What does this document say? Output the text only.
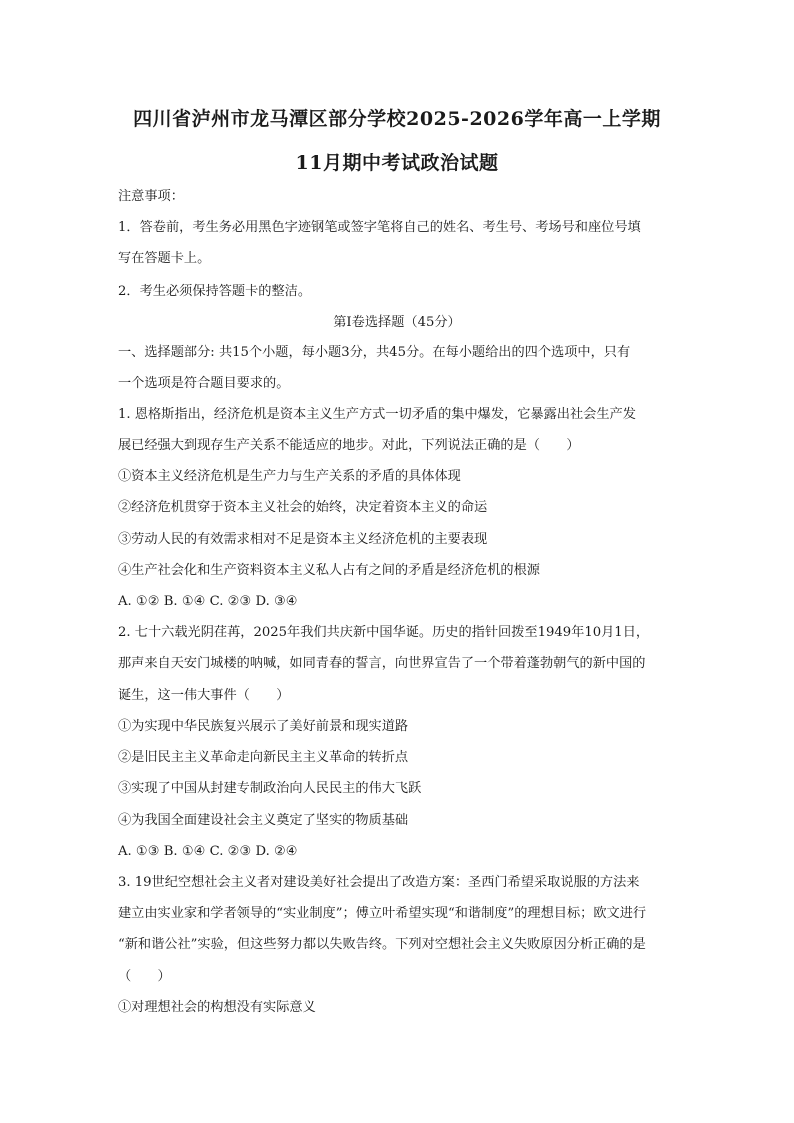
四川省泸州市龙马潭区部分学校2025-2026学年高一上学期
11月期中考试政治试题
注意事项：
1．答卷前，考生务必用黑色字迹钢笔或签字笔将自己的姓名、考生号、考场号和座位号填
写在答题卡上。
2．考生必须保持答题卡的整洁。
第Ⅰ卷选择题（45分）
一、选择题部分: 共15个小题，每小题3分，共45分。在每小题给出的四个选项中，只有
一个选项是符合题目要求的。
1. 恩格斯指出，经济危机是资本主义生产方式一切矛盾的集中爆发，它暴露出社会生产发
展已经强大到现存生产关系不能适应的地步。对此，下列说法正确的是（　　）
①资本主义经济危机是生产力与生产关系的矛盾的具体体现
②经济危机贯穿于资本主义社会的始终，决定着资本主义的命运
③劳动人民的有效需求相对不足是资本主义经济危机的主要表现
④生产社会化和生产资料资本主义私人占有之间的矛盾是经济危机的根源
A. ①② B. ①④ C. ②③ D. ③④
2. 七十六载光阴荏苒，2025年我们共庆新中国华诞。历史的指针回拨至1949年10月1日，
那声来自天安门城楼的呐喊，如同青春的誓言，向世界宣告了一个带着蓬勃朝气的新中国的
诞生，这一伟大事件（　　）
①为实现中华民族复兴展示了美好前景和现实道路
②是旧民主主义革命走向新民主主义革命的转折点
③实现了中国从封建专制政治向人民民主的伟大飞跃
④为我国全面建设社会主义奠定了坚实的物质基础
A. ①③ B. ①④ C. ②③ D. ②④
3. 19世纪空想社会主义者对建设美好社会提出了改造方案：圣西门希望采取说服的方法来
建立由实业家和学者领导的“实业制度”；傅立叶希望实现“和谐制度”的理想目标；欧文进行
“新和谐公社”实验，但这些努力都以失败告终。下列对空想社会主义失败原因分析正确的是
（　　）
①对理想社会的构想没有实际意义
